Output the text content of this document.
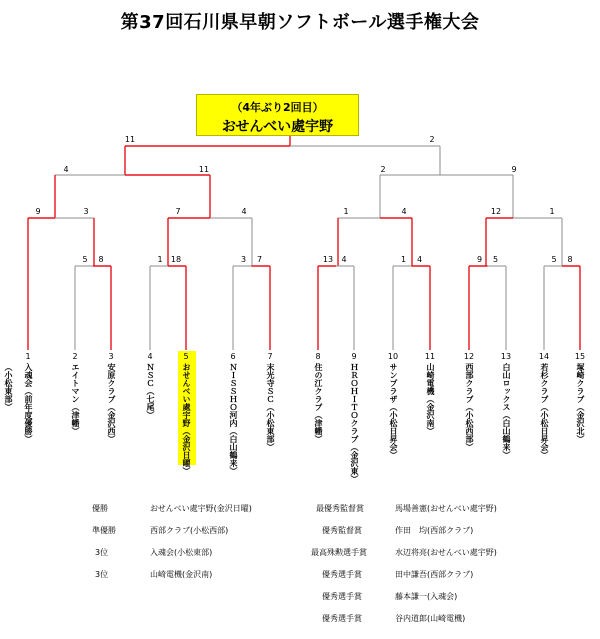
第37回石川県早朝ソフトボール選手権大会
11	2
4	11	2	9
9	3	7	4	1	4	12	1
5 8	1 18	3 7	13 4	1 4	9 5	5 8
（4年ぶり2回目）
おせんべい處宇野
1
入魂会（前年度優勝）
2
エイトマン（津幡）
3
安原クラブ（金沢西）
4
ＮＳＣ（七尾）
5
おせんべい處宇野（金沢日曜）
6
ＮＩＳＳＨＯ河内（白山鶴来）
7
末光寺ＳＣ（小松東部）
8
住の江クラブ（津幡）
9
ＨＲＯＨＩＴＯクラブ（金沢東）
10
サンプラザ（小松日昇会）
11
山崎電機（金沢南）
12
西部クラブ（小松西部）
13
白山ロックス（白山鶴来）
14
若杉クラブ（小松日昇会）
15
塚崎クラブ（金沢北）
（小松東部）
優勝	おせんべい處宇野(金沢日曜)
準優勝	西部クラブ(小松西部)
3位	入魂会(小松東部)
3位	山崎電機(金沢南)
最優秀監督賞	馬場善憲(おせんべい處宇野)
優秀監督賞	作田　均(西部クラブ)
最高殊勲選手賞	水辺将亮(おせんべい處宇野)
優秀選手賞	田中謙吾(西部クラブ)
優秀選手賞	藤本謙一(入魂会)
優秀選手賞	谷内道郎(山崎電機)
